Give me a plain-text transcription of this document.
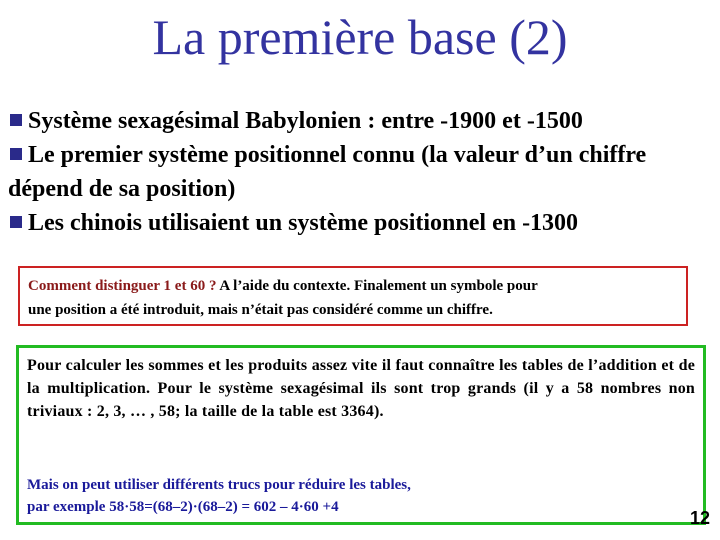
La première base (2)
Système sexagésimal Babylonien : entre -1900 et -1500
Le premier système positionnel connu (la valeur d’un chiffre dépend de sa position)
Les chinois utilisaient un système positionnel en -1300
Comment distinguer 1 et 60 ? A l’aide du contexte. Finalement un symbole pour
une position a été introduit, mais n’était pas considéré comme un chiffre.
Pour calculer les sommes et les produits assez vite il faut connaître les tables de l’addition et de la multiplication. Pour le système sexagésimal ils sont trop grands (il y a 58 nombres non triviaux : 2, 3, … , 58; la taille de la table est 3364).
Mais on peut utiliser différents trucs pour réduire les tables,
par exemple 58·58=(68–2)·(68–2) = 602 – 4·60 +4
12
